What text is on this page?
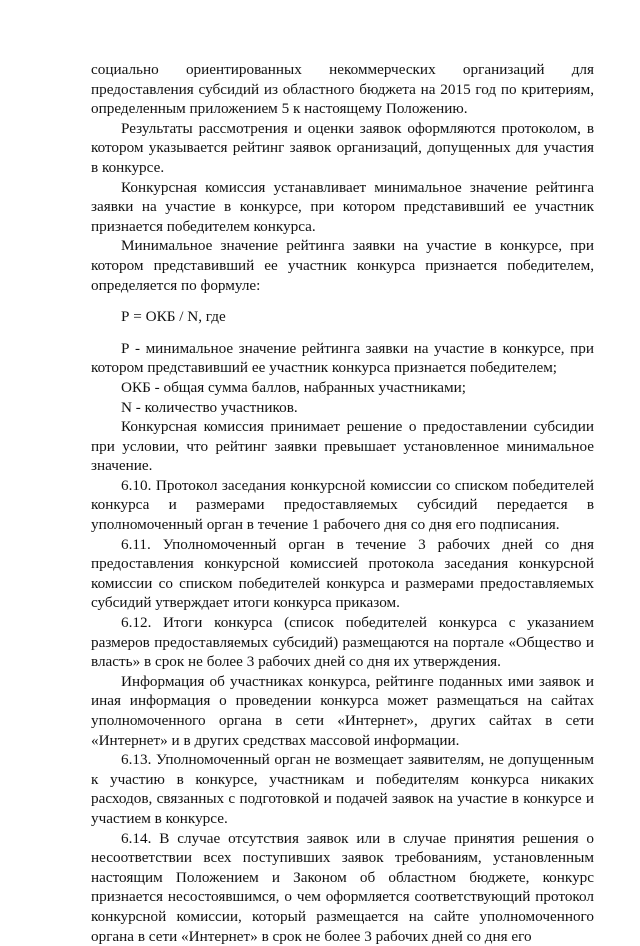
социально ориентированных некоммерческих организаций для предоставления субсидий из областного бюджета на 2015 год по критериям, определенным приложением 5 к настоящему Положению.

Результаты рассмотрения и оценки заявок оформляются протоколом, в котором указывается рейтинг заявок организаций, допущенных для участия в конкурсе.

Конкурсная комиссия устанавливает минимальное значение рейтинга заявки на участие в конкурсе, при котором представивший ее участник признается победителем конкурса.

Минимальное значение рейтинга заявки на участие в конкурсе, при котором представивший ее участник конкурса признается победителем, определяется по формуле:

Р = ОКБ / N, где

Р - минимальное значение рейтинга заявки на участие в конкурсе, при котором представивший ее участник конкурса признается победителем;

ОКБ - общая сумма баллов, набранных участниками;

N - количество участников.

Конкурсная комиссия принимает решение о предоставлении субсидии при условии, что рейтинг заявки превышает установленное минимальное значение.

6.10. Протокол заседания конкурсной комиссии со списком победителей конкурса и размерами предоставляемых субсидий передается в уполномоченный орган в течение 1 рабочего дня со дня его подписания.

6.11. Уполномоченный орган в течение 3 рабочих дней со дня предоставления конкурсной комиссией протокола заседания конкурсной комиссии со списком победителей конкурса и размерами предоставляемых субсидий утверждает итоги конкурса приказом.

6.12. Итоги конкурса (список победителей конкурса с указанием размеров предоставляемых субсидий) размещаются на портале «Общество и власть» в срок не более 3 рабочих дней со дня их утверждения.

Информация об участниках конкурса, рейтинге поданных ими заявок и иная информация о проведении конкурса может размещаться на сайтах уполномоченного органа в сети «Интернет», других сайтах в сети «Интернет» и в других средствах массовой информации.

6.13. Уполномоченный орган не возмещает заявителям, не допущенным к участию в конкурсе, участникам и победителям конкурса никаких расходов, связанных с подготовкой и подачей заявок на участие в конкурсе и участием в конкурсе.

6.14. В случае отсутствия заявок или в случае принятия решения о несоответствии всех поступивших заявок требованиям, установленным настоящим Положением и Законом об областном бюджете, конкурс признается несостоявшимся, о чем оформляется соответствующий протокол конкурсной комиссии, который размещается на сайте уполномоченного органа в сети «Интернет» в срок не более 3 рабочих дней со дня его
